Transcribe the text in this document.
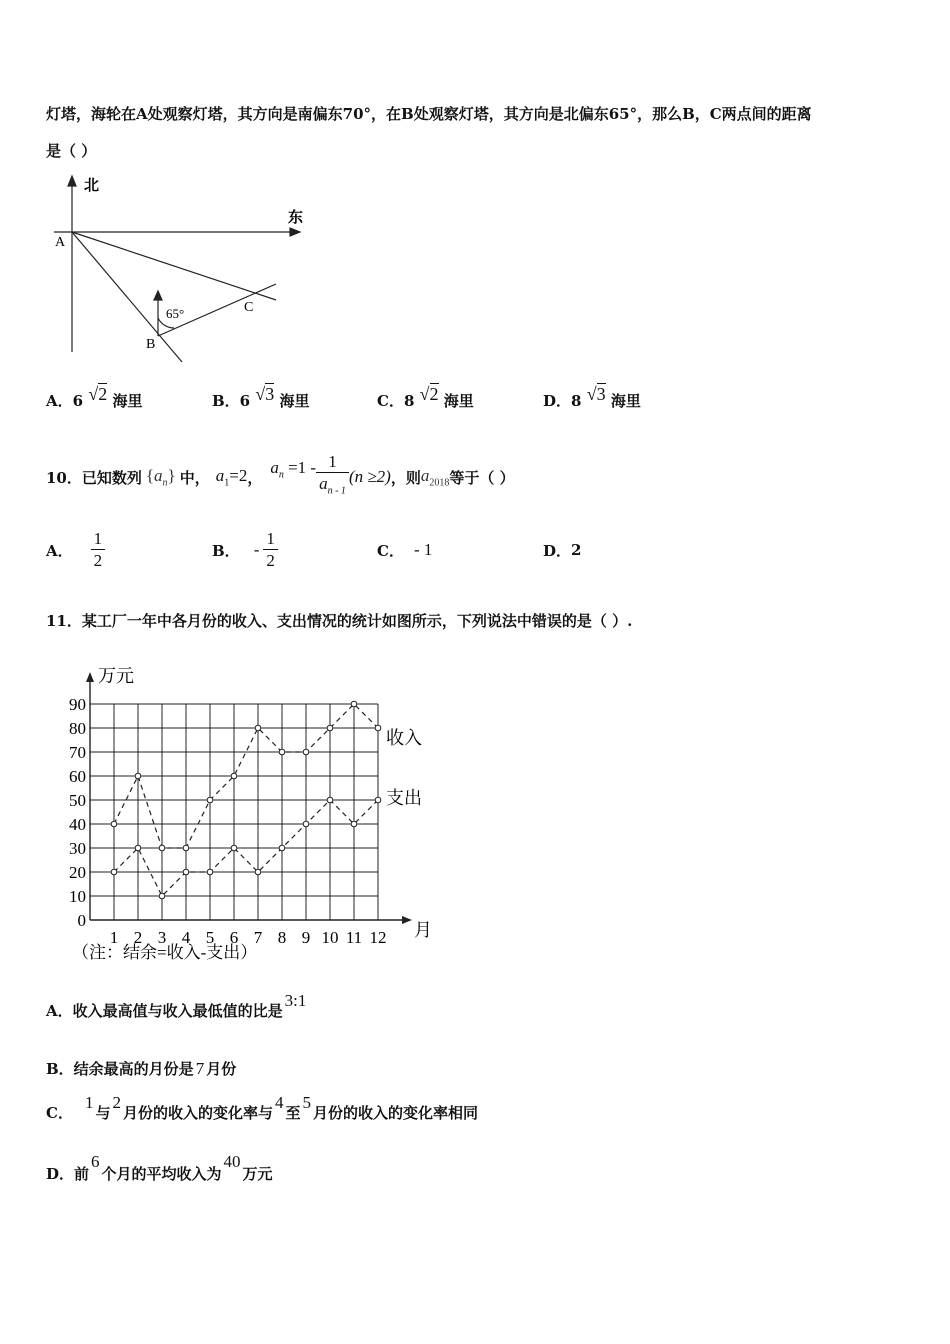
灯塔，海轮在A处观察灯塔，其方向是南偏东70°，在B处观察灯塔，其方向是北偏东65°，那么B，C两点间的距离
是（ ）
北
东
A
B
C
65°
A．6 √2 海里	B．6 √3 海里	C．8 √2 海里	D．8 √3 海里
10．已知数列 $\{a_n\}$ 中， $a_1=2$ ，
$a_n =1 - \frac{1}{a_{n - 1}} (n \ge 2)$ ，则 $a_{2018}$ 等于（ ）
A． $\frac{1}{2}$	B． - $\frac{1}{2}$	C． - 1	D． 2
11．某工厂一年中各月份的收入、支出情况的统计如图所示，下列说法中错误的是（ ）.
0
10
20
30
40
50
60
70
80
90
1 2 3 4 5 6 7 8 9 10 11 12
万元
月
收入
支出
（注：结余=收入-支出）
A．收入最高值与收入最低值的比是3:1
B．结余最高的月份是 7 月份
C．1与2月份的收入的变化率与4至5月份的收入的变化率相同
D．前6个月的平均收入为40万元
